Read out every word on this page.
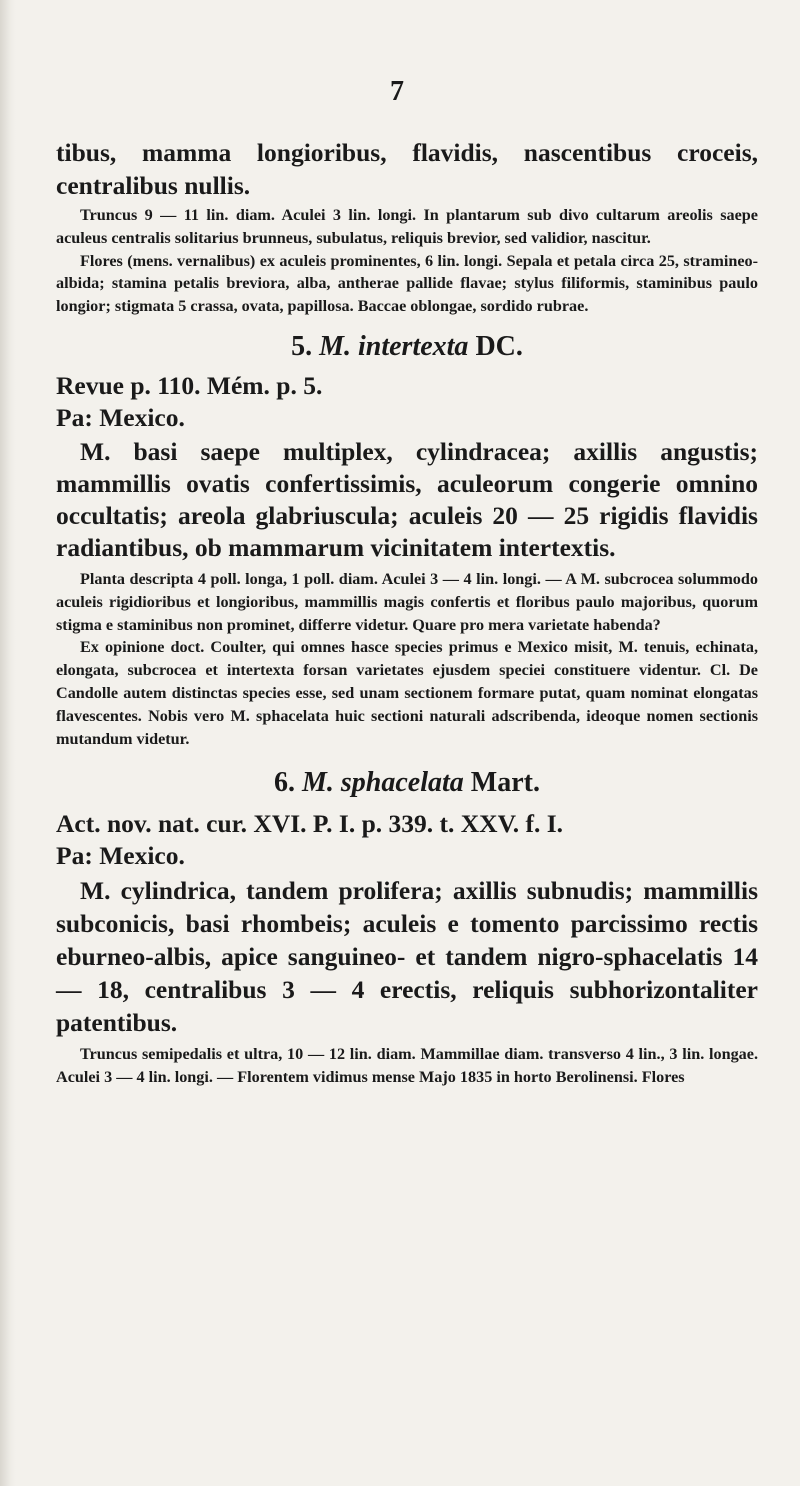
7

tibus, mamma longioribus, flavidis, nascentibus croceis, centralibus nullis.

Truncus 9 — 11 lin. diam. Aculei 3 lin. longi. In plantarum sub divo cultarum areolis saepe aculeus centralis solitarius brunneus, subulatus, reliquis brevior, sed validior, nascitur.

Flores (mens. vernalibus) ex aculeis prominentes, 6 lin. longi. Sepala et petala circa 25, stramineo-albida; stamina petalis breviora, alba, antherae pallide flavae; stylus filiformis, staminibus paulo longior; stigmata 5 crassa, ovata, papillosa. Baccae oblongae, sordido rubrae.

5. M. intertexta DC.

Revue p. 110. Mém. p. 5.

Pa: Mexico.

M. basi saepe multiplex, cylindracea; axillis angustis; mammillis ovatis confertissimis, aculeorum congerie omnino occultatis; areola glabriuscula; aculeis 20 — 25 rigidis flavidis radiantibus, ob mammarum vicinitatem intertextis.

Planta descripta 4 poll. longa, 1 poll. diam. Aculei 3 — 4 lin. longi. — A M. subcrocea solummodo aculeis rigidioribus et longioribus, mammillis magis confertis et floribus paulo majoribus, quorum stigma e staminibus non prominet, differre videtur. Quare pro mera varietate habenda?

Ex opinione doct. Coulter, qui omnes hasce species primus e Mexico misit, M. tenuis, echinata, elongata, subcrocea et intertexta forsan varietates ejusdem speciei constituere videntur. Cl. De Candolle autem distinctas species esse, sed unam sectionem formare putat, quam nominat elongatas flavescentes. Nobis vero M. sphacelata huic sectioni naturali adscribenda, ideoque nomen sectionis mutandum videtur.

6. M. sphacelata Mart.

Act. nov. nat. cur. XVI. P. I. p. 339. t. XXV. f. I.

Pa: Mexico.

M. cylindrica, tandem prolifera; axillis subnudis; mammillis subconicis, basi rhombeis; aculeis e tomento parcissimo rectis eburneo-albis, apice sanguineo- et tandem nigro-sphacelatis 14 — 18, centralibus 3 — 4 erectis, reliquis subhorizontaliter patentibus.

Truncus semipedalis et ultra, 10 — 12 lin. diam. Mammillae diam. transverso 4 lin., 3 lin. longae. Aculei 3 — 4 lin. longi. — Florentem vidimus mense Majo 1835 in horto Berolinensi. Flores
